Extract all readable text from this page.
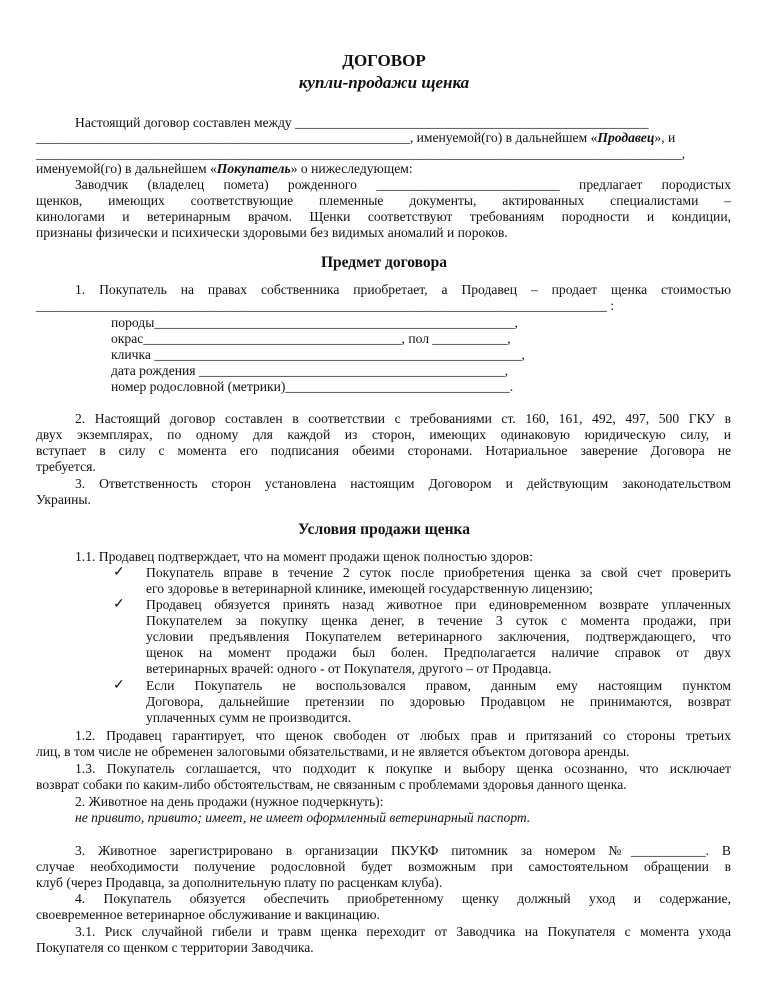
ДОГОВОР
купли-продажи щенка
Настоящий договор составлен между ____________________________________________________
_______________________________________________________, именуемой(го) в дальнейшем «Продавец», и
_______________________________________________________________________________________________,
именуемой(го) в дальнейшем «Покупатель» о нижеследующем:
Заводчик (владелец помета) рожденного ___________________________ предлагает породистых
щенков, имеющих соответствующие племенные документы, актированных специалистами –
кинологами и ветеринарным врачом. Щенки соответствуют требованиям породности и кондиции,
признаны физически и психически здоровыми без видимых аномалий и пороков.
Предмет договора
1. Покупатель на правах собственника приобретает, а Продавец – продает щенка стоимостью
____________________________________________________________________________________ :
породы_____________________________________________________,
окрас______________________________________, пол ___________,
кличка ______________________________________________________,
дата рождения _____________________________________________,
номер родословной (метрики)_________________________________.
2. Настоящий договор составлен в соответствии с требованиями ст. 160, 161, 492, 497, 500 ГКУ в
двух экземплярах, по одному для каждой из сторон, имеющих одинаковую юридическую силу, и
вступает в силу с момента его подписания обеими сторонами. Нотариальное заверение Договора не
требуется.
3. Ответственность сторон установлена настоящим Договором и действующим законодательством
Украины.
Условия продажи щенка
1.1. Продавец подтверждает, что на момент продажи щенок полностью здоров:
✓ Покупатель вправе в течение 2 суток после приобретения щенка за свой счет проверить
его здоровье в ветеринарной клинике, имеющей государственную лицензию;
✓ Продавец обязуется принять назад животное при единовременном возврате уплаченных
Покупателем за покупку щенка денег, в течение 3 суток с момента продажи, при
условии предъявления Покупателем ветеринарного заключения, подтверждающего, что
щенок на момент продажи был болен. Предполагается наличие справок от двух
ветеринарных врачей: одного - от Покупателя, другого – от Продавца.
✓ Если Покупатель не воспользовался правом, данным ему настоящим пунктом
Договора, дальнейшие претензии по здоровью Продавцом не принимаются, возврат
уплаченных сумм не производится.
1.2. Продавец гарантирует, что щенок свободен от любых прав и притязаний со стороны третьих
лиц, в том числе не обременен залоговыми обязательствами, и не является объектом договора аренды.
1.3. Покупатель соглашается, что подходит к покупке и выбору щенка осознанно, что исключает
возврат собаки по каким-либо обстоятельствам, не связанным с проблемами здоровья данного щенка.
2. Животное на день продажи (нужное подчеркнуть):
не привито, привито; имеет, не имеет оформленный ветеринарный паспорт.
3. Животное зарегистрировано в организации ПКУКФ питомник за номером №___________. В
случае необходимости получение родословной будет возможным при самостоятельном обращении в
клуб (через Продавца, за дополнительную плату по расценкам клуба).
4. Покупатель обязуется обеспечить приобретенному щенку должный уход и содержание,
своевременное ветеринарное обслуживание и вакцинацию.
3.1. Риск случайной гибели и травм щенка переходит от Заводчика на Покупателя с момента ухода
Покупателя со щенком с территории Заводчика.
